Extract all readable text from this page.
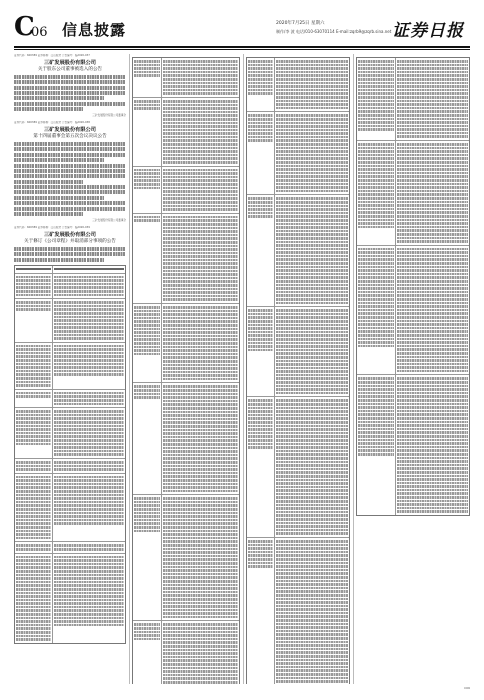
C
06 信息披露	2020年7月25日 星期六
制作/李 波 电话/010-63070114 E-mail:zqrb9@zqrb.sina.net 证券日报
证券代码：600389 证券简称：江山股份 公告编号：临2020-037
三矿发展股份有限公司
关于股东公司董事被选入的公告
三矿发展股份有限公司董事会
证券代码：600389 证券简称：江山股份 公告编号：临2020-038
三矿发展股份有限公司
第十四届董事会第五次会议决议公告
三矿发展股份有限公司董事会
证券代码：600389 证券简称：江山股份 公告编号：临2020-039
三矿发展股份有限公司
关于修订《公司章程》并取消部分事项的公告
C06
